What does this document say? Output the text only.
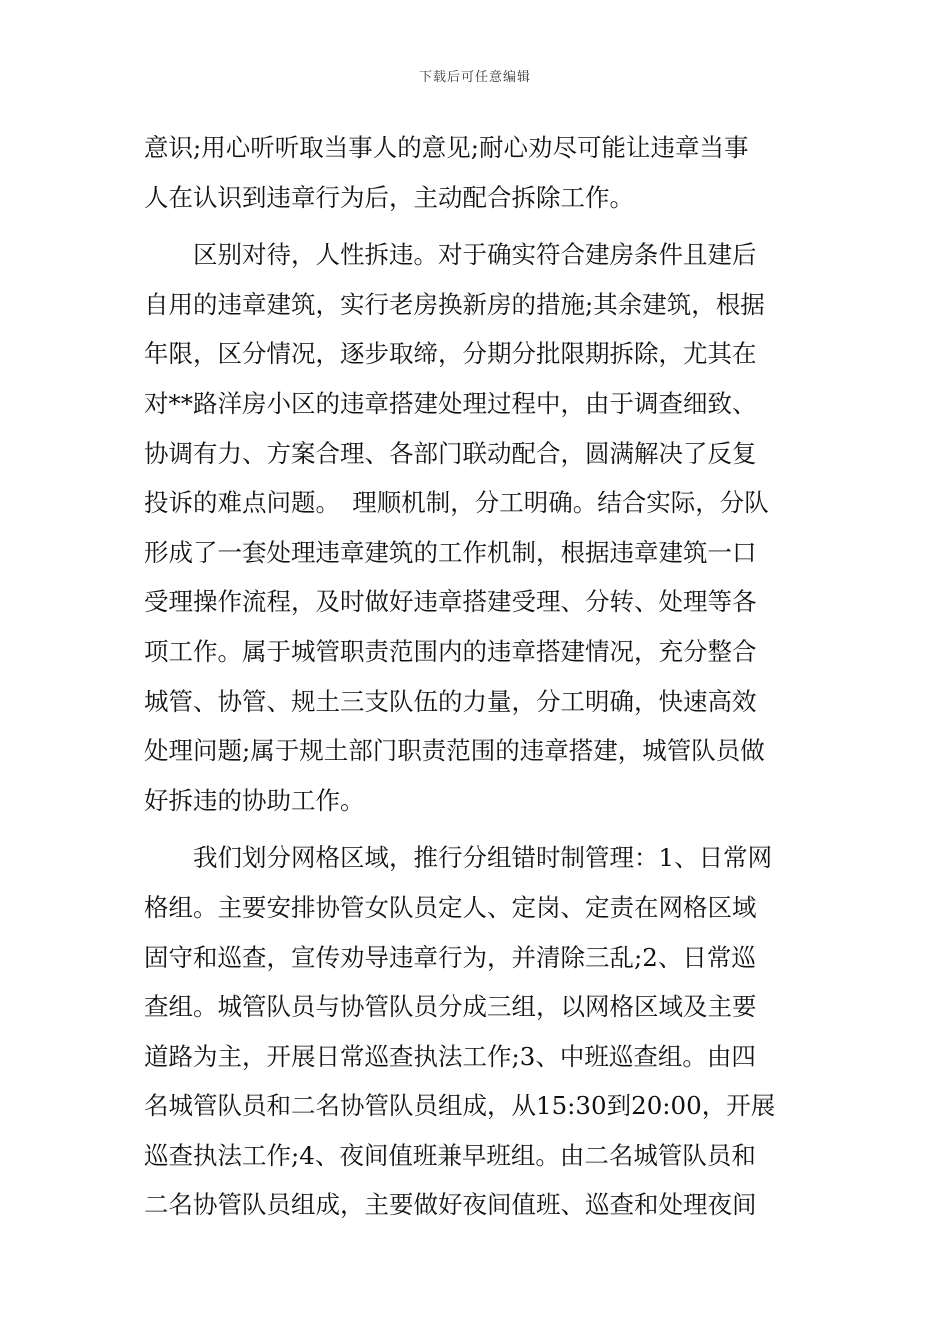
下载后可任意编辑
意识;用心听听取当事人的意见;耐心劝尽可能让违章当事
人在认识到违章行为后，主动配合拆除工作。
　　区别对待，人性拆违。对于确实符合建房条件且建后
自用的违章建筑，实行老房换新房的措施;其余建筑，根据
年限，区分情况，逐步取缔，分期分批限期拆除，尤其在
对**路洋房小区的违章搭建处理过程中，由于调查细致、
协调有力、方案合理、各部门联动配合，圆满解决了反复
投诉的难点问题。　理顺机制，分工明确。结合实际，分队
形成了一套处理违章建筑的工作机制，根据违章建筑一口
受理操作流程，及时做好违章搭建受理、分转、处理等各
项工作。属于城管职责范围内的违章搭建情况，充分整合
城管、协管、规土三支队伍的力量，分工明确，快速高效
处理问题;属于规土部门职责范围的违章搭建，城管队员做
好拆违的协助工作。
　　我们划分网格区域，推行分组错时制管理：1、日常网
格组。主要安排协管女队员定人、定岗、定责在网格区域
固守和巡查，宣传劝导违章行为，并清除三乱;2、日常巡
查组。城管队员与协管队员分成三组，以网格区域及主要
道路为主，开展日常巡查执法工作;3、中班巡查组。由四
名城管队员和二名协管队员组成，从15:30到20:00，开展
巡查执法工作;4、夜间值班兼早班组。由二名城管队员和
二名协管队员组成，主要做好夜间值班、巡查和处理夜间
